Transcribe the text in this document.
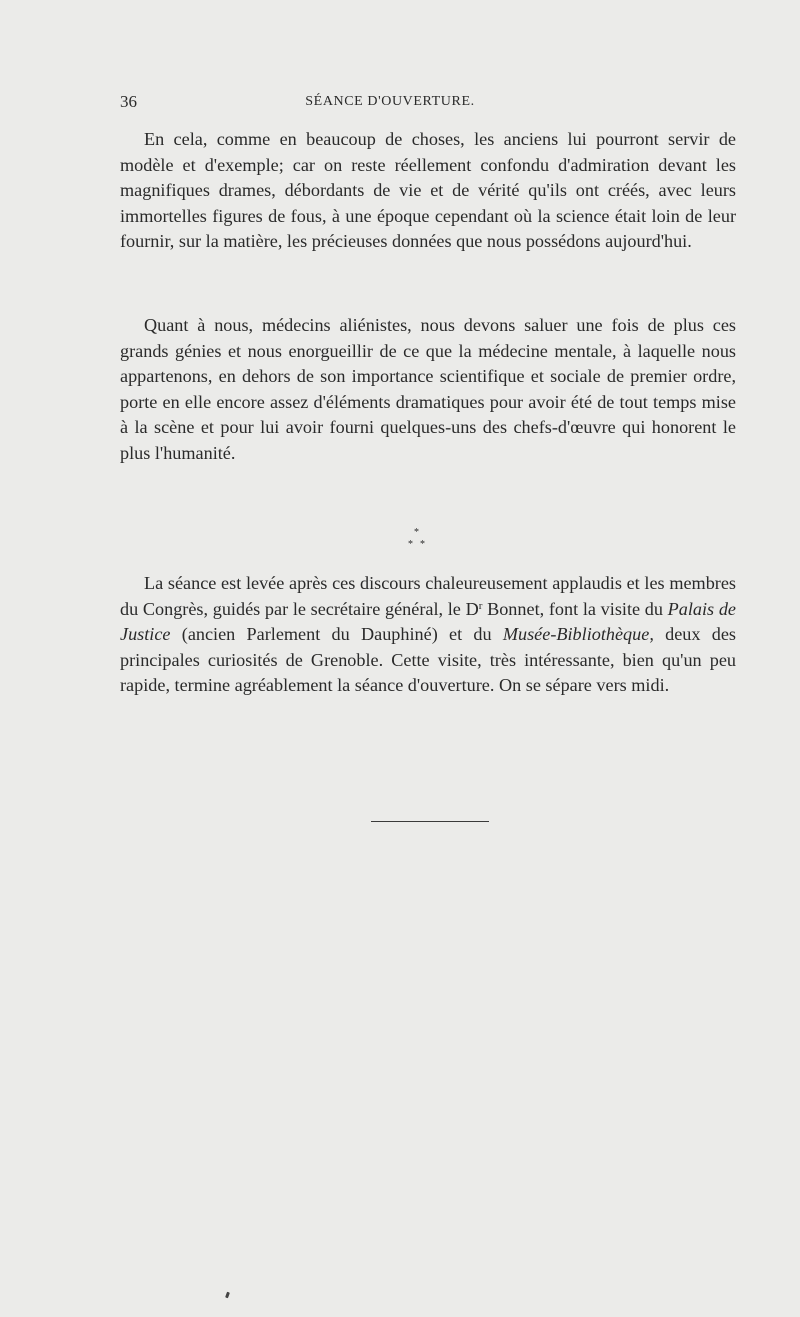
36	SÉANCE D'OUVERTURE.

En cela, comme en beaucoup de choses, les anciens lui pourront servir de modèle et d'exemple; car on reste réellement confondu d'admiration devant les magnifiques drames, débordants de vie et de vérité qu'ils ont créés, avec leurs immortelles figures de fous, à une époque cependant où la science était loin de leur fournir, sur la matière, les précieuses données que nous possédons aujourd'hui.

Quant à nous, médecins aliénistes, nous devons saluer une fois de plus ces grands génies et nous enorgueillir de ce que la médecine mentale, à laquelle nous appartenons, en dehors de son importance scientifique et sociale de premier ordre, porte en elle encore assez d'éléments dramatiques pour avoir été de tout temps mise à la scène et pour lui avoir fourni quelques-uns des chefs-d'œuvre qui honorent le plus l'humanité.

*
* *

La séance est levée après ces discours chaleureusement applaudis et les membres du Congrès, guidés par le secrétaire général, le $D^r$ Bonnet, font la visite du Palais de Justice (ancien Parlement du Dauphiné) et du Musée-Bibliothèque, deux des principales curiosités de Grenoble. Cette visite, très intéressante, bien qu'un peu rapide, termine agréablement la séance d'ouverture. On se sépare vers midi.
